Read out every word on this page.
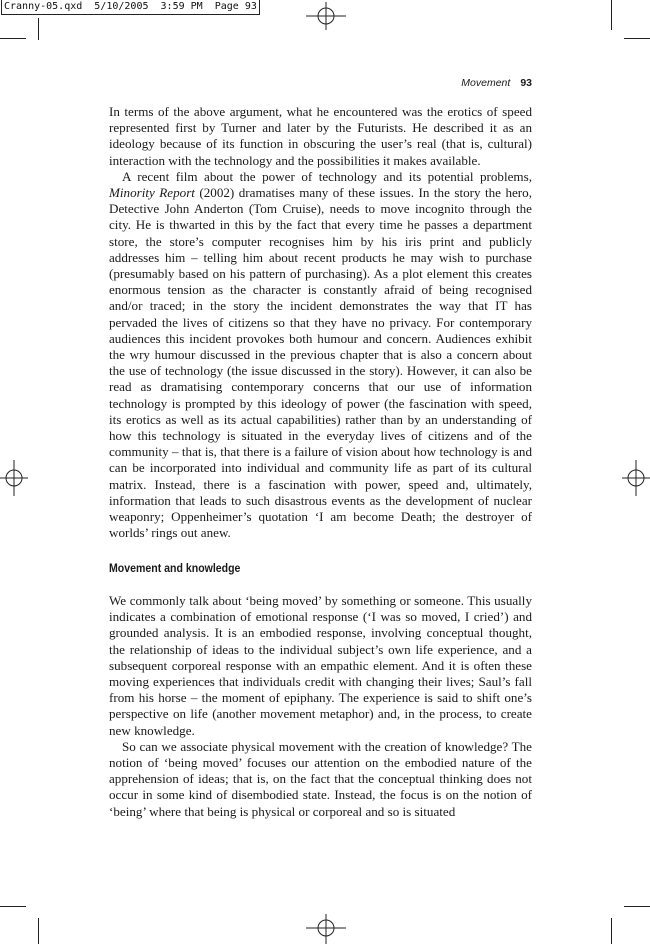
Cranny-05.qxd  5/10/2005  3:59 PM  Page 93
Movement 93

In terms of the above argument, what he encountered was the erotics of speed represented first by Turner and later by the Futurists. He described it as an ideology because of its function in obscuring the user’s real (that is, cultural) interaction with the technology and the possibilities it makes available.

A recent film about the power of technology and its potential problems, Minority Report (2002) dramatises many of these issues. In the story the hero, Detective John Anderton (Tom Cruise), needs to move incognito through the city. He is thwarted in this by the fact that every time he passes a department store, the store’s computer recognises him by his iris print and publicly addresses him – telling him about recent products he may wish to purchase (presumably based on his pattern of purchasing). As a plot element this creates enormous tension as the character is constantly afraid of being recognised and/or traced; in the story the incident demonstrates the way that IT has pervaded the lives of citizens so that they have no privacy. For contemporary audiences this incident provokes both humour and concern. Audiences exhibit the wry humour discussed in the previous chapter that is also a concern about the use of technology (the issue discussed in the story). However, it can also be read as dramatising contemporary concerns that our use of information technology is prompted by this ideology of power (the fascination with speed, its erotics as well as its actual capabilities) rather than by an understanding of how this technology is situated in the everyday lives of citizens and of the community – that is, that there is a failure of vision about how technology is and can be incorporated into individual and community life as part of its cultural matrix. Instead, there is a fascination with power, speed and, ultimately, information that leads to such disastrous events as the development of nuclear weaponry; Oppenheimer’s quotation ‘I am become Death; the destroyer of worlds’ rings out anew.

Movement and knowledge

We commonly talk about ‘being moved’ by something or someone. This usually indicates a combination of emotional response (‘I was so moved, I cried’) and grounded analysis. It is an embodied response, involving conceptual thought, the relationship of ideas to the individual subject’s own life experience, and a subsequent corporeal response with an empathic element. And it is often these moving experiences that individuals credit with changing their lives; Saul’s fall from his horse – the moment of epiphany. The experience is said to shift one’s perspective on life (another movement metaphor) and, in the process, to create new knowledge.

So can we associate physical movement with the creation of knowledge? The notion of ‘being moved’ focuses our attention on the embodied nature of the apprehension of ideas; that is, on the fact that the conceptual thinking does not occur in some kind of disembodied state. Instead, the focus is on the notion of ‘being’ where that being is physical or corporeal and so is situated
